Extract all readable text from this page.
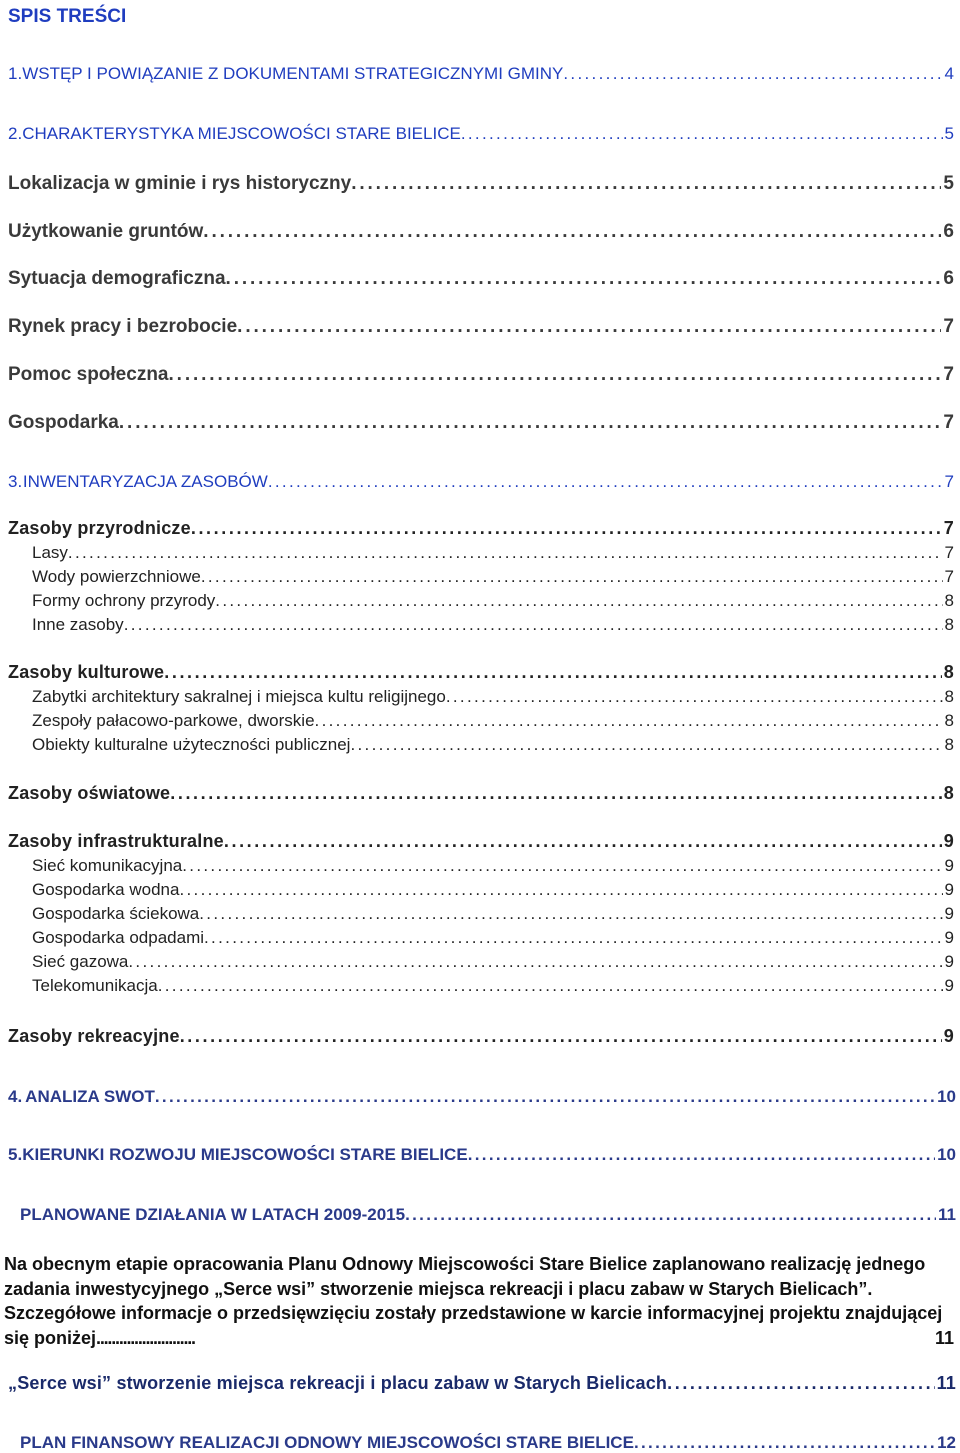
SPIS TREŚCI
1. WSTĘP I POWIĄZANIE Z DOKUMENTAMI STRATEGICZNYMI GMINY . . .	4
2. CHARAKTERYSTYKA MIEJSCOWOŚCI STARE BIELICE . . .	5
Lokalizacja w gminie i rys historyczny . . .	5
Użytkowanie gruntów . . .	6
Sytuacja demograficzna . . .	6
Rynek pracy i bezrobocie . . .	7
Pomoc społeczna . . .	7
Gospodarka . . .	7
3. INWENTARYZACJA ZASOBÓW . . .	7
Zasoby przyrodnicze . . .	7
Lasy . . .	7
Wody powierzchniowe . . .	7
Formy ochrony przyrody . . .	8
Inne zasoby . . .	8
Zasoby kulturowe . . .	8
Zabytki architektury sakralnej i miejsca kultu religijnego . . .	8
Zespoły pałacowo-parkowe, dworskie . . .	8
Obiekty kulturalne użyteczności publicznej . . .	8
Zasoby oświatowe . . .	8
Zasoby infrastrukturalne . . .	9
Sieć komunikacyjna . . .	9
Gospodarka wodna . . .	9
Gospodarka ściekowa . . .	9
Gospodarka odpadami . . .	9
Sieć gazowa . . .	9
Telekomunikacja . . .	9
Zasoby rekreacyjne . . .	9
4. ANALIZA SWOT . . .	10
5. KIERUNKI ROZWOJU MIEJSCOWOŚCI STARE BIELICE . . .	10
PLANOWANE DZIAŁANIA W LATACH 2009-2015 . . .	11

Na obecnym etapie opracowania Planu Odnowy Miejscowości Stare Bielice zaplanowano realizację jednego zadania inwestycyjnego „Serce wsi” stworzenie miejsca rekreacji i placu zabaw w Starych Bielicach”. Szczegółowe informacje o przedsięwzięciu zostały przedstawione w karcie informacyjnej projektu znajdującej się poniżej..........................	11

„Serce wsi” stworzenie miejsca rekreacji i placu zabaw w Starych Bielicach . . .	11
PLAN FINANSOWY REALIZACJI ODNOWY MIEJSCOWOŚCI STARE BIELICE . . .	12
